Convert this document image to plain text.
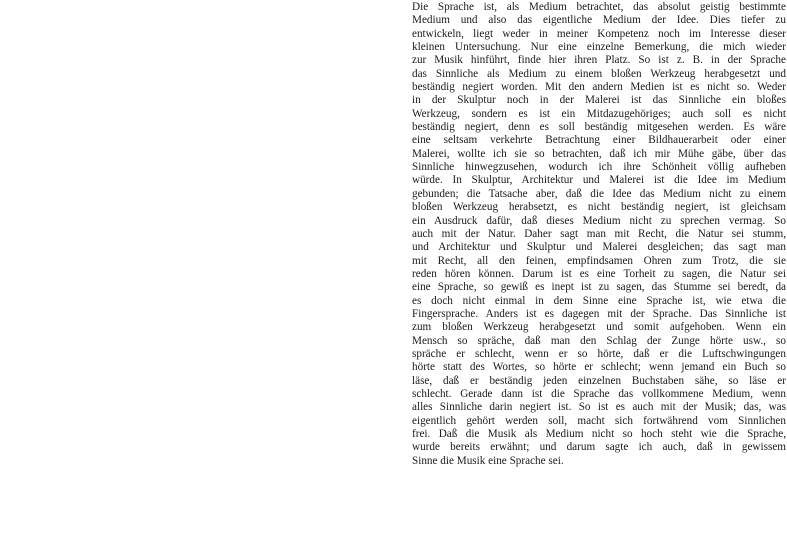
Die Sprache ist, als Medium betrachtet, das absolut geistig bestimmte
Medium und also das eigentliche Medium der Idee. Dies tiefer zu
entwickeln, liegt weder in meiner Kompetenz noch im Interesse dieser
kleinen Untersuchung. Nur eine einzelne Bemerkung, die mich wieder
zur Musik hinführt, finde hier ihren Platz. So ist z. B. in der Sprache
das Sinnliche als Medium zu einem bloßen Werkzeug herabgesetzt und
beständig negiert worden. Mit den andern Medien ist es nicht so. Weder
in der Skulptur noch in der Malerei ist das Sinnliche ein bloßes
Werkzeug, sondern es ist ein Mitdazugehöriges; auch soll es nicht
beständig negiert, denn es soll beständig mitgesehen werden. Es wäre
eine seltsam verkehrte Betrachtung einer Bildhauerarbeit oder einer
Malerei, wollte ich sie so betrachten, daß ich mir Mühe gäbe, über das
Sinnliche hinwegzusehen, wodurch ich ihre Schönheit völlig aufheben
würde. In Skulptur, Architektur und Malerei ist die Idee im Medium
gebunden; die Tatsache aber, daß die Idee das Medium nicht zu einem
bloßen Werkzeug herabsetzt, es nicht beständig negiert, ist gleichsam
ein Ausdruck dafür, daß dieses Medium nicht zu sprechen vermag. So
auch mit der Natur. Daher sagt man mit Recht, die Natur sei stumm,
und Architektur und Skulptur und Malerei desgleichen; das sagt man
mit Recht, all den feinen, empfindsamen Ohren zum Trotz, die sie
reden hören können. Darum ist es eine Torheit zu sagen, die Natur sei
eine Sprache, so gewiß es inept ist zu sagen, das Stumme sei beredt, da
es doch nicht einmal in dem Sinne eine Sprache ist, wie etwa die
Fingersprache. Anders ist es dagegen mit der Sprache. Das Sinnliche ist
zum bloßen Werkzeug herabgesetzt und somit aufgehoben. Wenn ein
Mensch so spräche, daß man den Schlag der Zunge hörte usw., so
spräche er schlecht, wenn er so hörte, daß er die Luftschwingungen
hörte statt des Wortes, so hörte er schlecht; wenn jemand ein Buch so
läse, daß er beständig jeden einzelnen Buchstaben sähe, so läse er
schlecht. Gerade dann ist die Sprache das vollkommene Medium, wenn
alles Sinnliche darin negiert ist. So ist es auch mit der Musik; das, was
eigentlich gehört werden soll, macht sich fortwährend vom Sinnlichen
frei. Daß die Musik als Medium nicht so hoch steht wie die Sprache,
wurde bereits erwähnt; und darum sagte ich auch, daß in gewissem
Sinne die Musik eine Sprache sei.
